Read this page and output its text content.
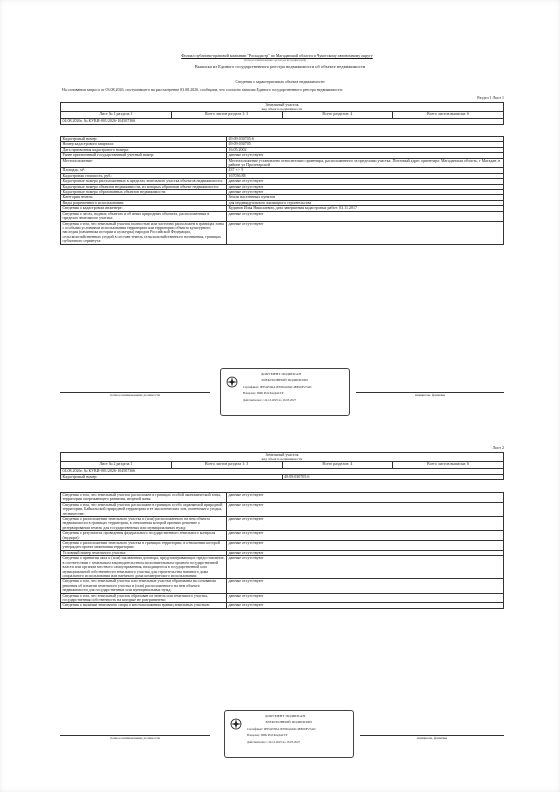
Филиал публично-правовой компании "Роскадастр" по Магаданской области и Чукотскому автономному округу
(полное наименование органа регистрации прав)
Выписка из Единого государственного реестра недвижимости об объекте недвижимости
Сведения о характеристиках объекта недвижимости
На основании запроса от 03.08.2026, поступившего на рассмотрение 03.08.2026, сообщаем, что согласно записям Единого государственного реестра недвижимости:
Раздел 1 Лист 1
Земельный участок
вид объекта недвижимости
Лист № 1 раздела 1	Всего листов раздела 1: 3	Всего разделов: 4	Всего листов выписки: 6
04.08.2026г. № КУВИ-001/2026-104507366
Кадастровый номер:	49:09:030705:6
Номер кадастрового квартала:	49:09:030705
Дата присвоения кадастрового номера:	16.05.2002
Ранее присвоенный государственный учетный номер:	данные отсутствуют
Местоположение:	Местоположение установлено относительно ориентира, расположенного за пределами участка. Почтовый адрес ориентира: Магаданская область, г Магадан, в районе ул Пролетарской
Площадь, м²:	437 +/- 5
Кадастровая стоимость, руб.:	167036.88
Кадастровые номера расположенных в пределах земельного участка объектов недвижимости:	данные отсутствуют
Кадастровые номера объектов недвижимости, из которых образован объект недвижимости:	данные отсутствуют
Кадастровые номера образованных объектов недвижимости:	данные отсутствуют
Категория земель:	Земли населенных пунктов
Виды разрешенного использования:	для индивидуального жилищного строительства
Сведения о кадастровом инженере:	Кудинов Илья Николаевич, дата завершения кадастровых работ: 03.11.2017
Сведения о лесах, водных объектах и об иных природных объектах, расположенных в пределах земельного участка:	данные отсутствуют
Сведения о том, что земельный участок полностью или частично расположен в границах зоны с особыми условиями использования территории или территории объекта культурного наследия (памятника истории и культуры) народов Российской Федерации, сельскохозяйственных угодий в составе земель сельскохозяйственного назначения, границах публичного сервитута:	данные отсутствуют
полное наименование должности
ДОКУМЕНТ ПОДПИСАН
ЭЛЕКТРОННОЙ ПОДПИСЬЮ
Сертификат: 0ЕЕ4453DA1E39DA0A9C4BB1DF27AD
Владелец: ППК РОСКАДАСТР
Действителен: с 24.12.2025 по 19.03.2027
инициалы, фамилия
Лист 2
Земельный участок			
вид объекта недвижимости			
Лист № 2 раздела 1	Всего листов раздела 1: 3	Всего разделов: 4	Всего листов выписки: 6
04.08.2026г. № КУВИ-001/2026-104507366			
Кадастровый номер:		49:09:030705:6	
Сведения о том, что земельный участок расположен в границах особой экономической зоны, территории опережающего развития, игорной зоны:	данные отсутствуют
Сведения о том, что земельный участок расположен в границах особо охраняемой природной территории, Байкальской природной территории и ее экологических зон, охотничьего угодья, лесничества:	данные отсутствуют
Сведения о расположении земельного участка и (или) расположенного на нем объекта недвижимости в границах территории, в отношении которой принято решение о резервировании земель для государственных или муниципальных нужд:	данные отсутствуют
Сведения о результатах проведения федерального государственного земельного контроля (надзора):	данные отсутствуют
Сведения о расположении земельного участка в границах территории, в отношении которой утвержден проект межевания территории:	данные отсутствуют
Условный номер земельного участка:	данные отсутствуют
Сведения о принятии акта и (или) заключении договора, предусматривающих предоставление, в соответствии с земельным законодательством исполнительным органом государственной власти или органом местного самоуправления, находящегося в государственной или муниципальной собственности земельного участка для строительства наемного дома социального использования или наемного дома коммерческого использования:	данные отсутствуют
Сведения о том, что земельный участок или земельные участки образованы на основании решения об изъятии земельного участка и (или) расположенного на нем объекта недвижимости для государственных или муниципальных нужд:	данные отсутствуют
Сведения о том, что земельный участок образован из земель или земельного участка, государственная собственность на которые не разграничена:	данные отсутствуют
Сведения о наличии земельного спора о местоположении границ земельных участков:	данные отсутствуют
полное наименование должности
ДОКУМЕНТ ПОДПИСАН
ЭЛЕКТРОННОЙ ПОДПИСЬЮ
Сертификат: 0ЕЕ4453DA1E39DA0A9C4BB1DF27AD
Владелец: ППК РОСКАДАСТР
Действителен: с 24.12.2025 по 19.03.2027
инициалы, фамилия
